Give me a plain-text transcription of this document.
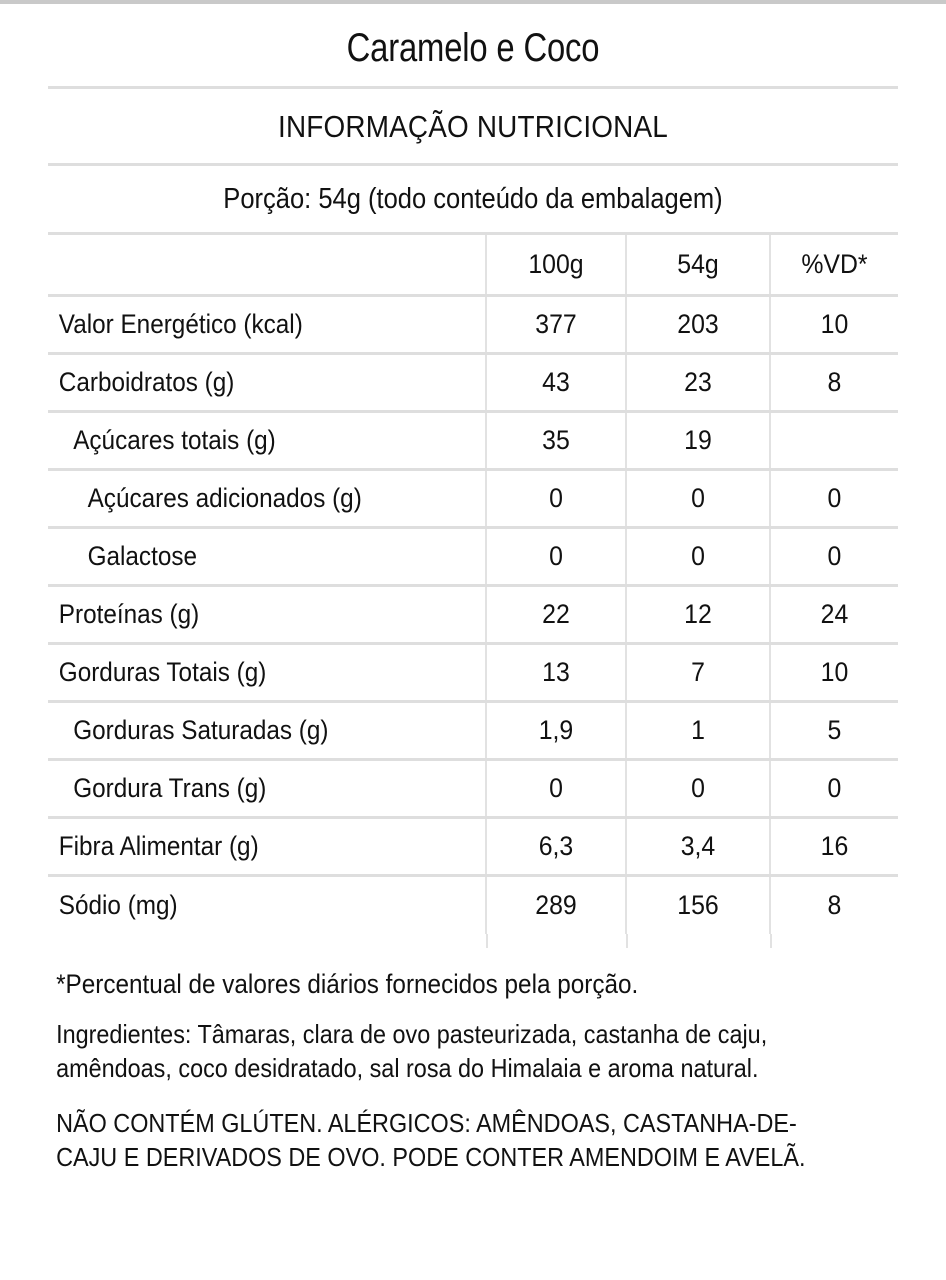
Caramelo e Coco
INFORMAÇÃO NUTRICIONAL
Porção: 54g (todo conteúdo da embalagem)
	100g	54g	%VD*
Valor Energético (kcal)	377	203	10
Carboidratos (g)	43	23	8
Açúcares totais (g)	35	19	
Açúcares adicionados (g)	0	0	0
Galactose	0	0	0
Proteínas (g)	22	12	24
Gorduras Totais (g)	13	7	10
Gorduras Saturadas (g)	1,9	1	5
Gordura Trans (g)	0	0	0
Fibra Alimentar (g)	6,3	3,4	16
Sódio (mg)	289	156	8
*Percentual de valores diários fornecidos pela porção.
Ingredientes: Tâmaras, clara de ovo pasteurizada, castanha de caju, amêndoas, coco desidratado, sal rosa do Himalaia e aroma natural.
NÃO CONTÉM GLÚTEN. ALÉRGICOS: AMÊNDOAS, CASTANHA-DE-CAJU E DERIVADOS DE OVO. PODE CONTER AMENDOIM E AVELÃ.
